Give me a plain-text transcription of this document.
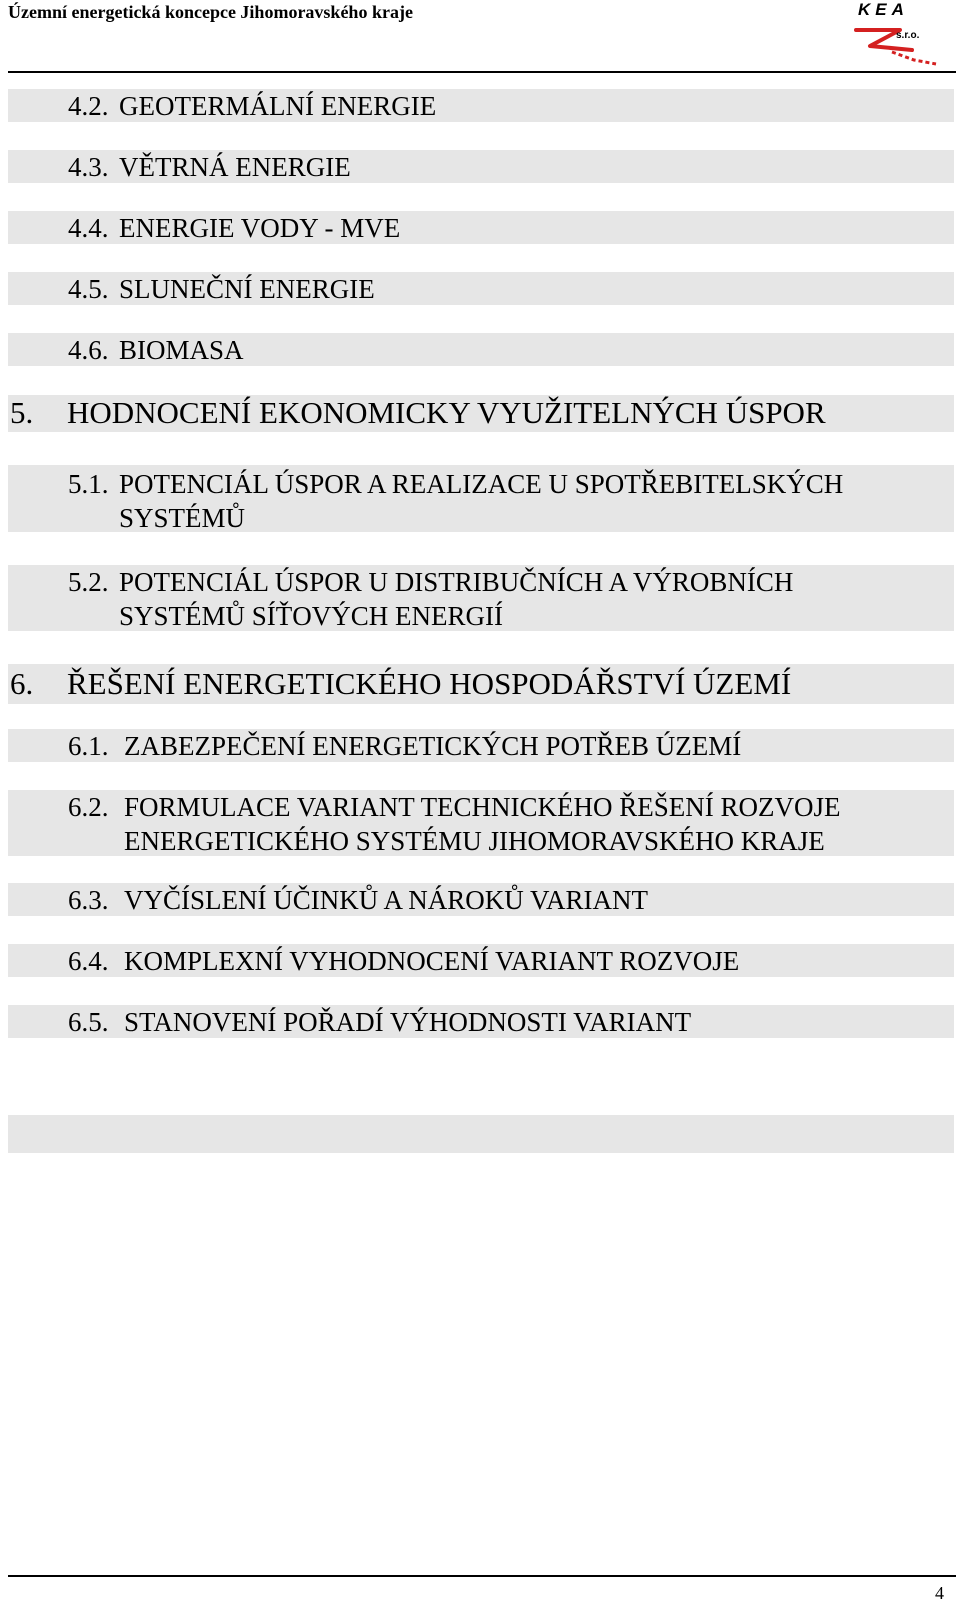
Územní energetická koncepce Jihomoravského kraje	KEA
s.r.o.
4.2. GEOTERMÁLNÍ ENERGIE
4.3. VĚTRNÁ ENERGIE
4.4. ENERGIE VODY - MVE
4.5. SLUNEČNÍ ENERGIE
4.6. BIOMASA
5. HODNOCENÍ EKONOMICKY VYUŽITELNÝCH ÚSPOR
5.1. POTENCIÁL ÚSPOR A REALIZACE U SPOTŘEBITELSKÝCH
SYSTÉMŮ
5.2. POTENCIÁL ÚSPOR U DISTRIBUČNÍCH A VÝROBNÍCH
SYSTÉMŮ SÍŤOVÝCH ENERGIÍ
6. ŘEŠENÍ ENERGETICKÉHO HOSPODÁŘSTVÍ ÚZEMÍ
6.1. ZABEZPEČENÍ ENERGETICKÝCH POTŘEB ÚZEMÍ
6.2. FORMULACE VARIANT TECHNICKÉHO ŘEŠENÍ ROZVOJE
ENERGETICKÉHO SYSTÉMU JIHOMORAVSKÉHO KRAJE
6.3. VYČÍSLENÍ ÚČINKŮ A NÁROKŮ VARIANT
6.4. KOMPLEXNÍ VYHODNOCENÍ VARIANT ROZVOJE
6.5. STANOVENÍ POŘADÍ VÝHODNOSTI VARIANT
4
